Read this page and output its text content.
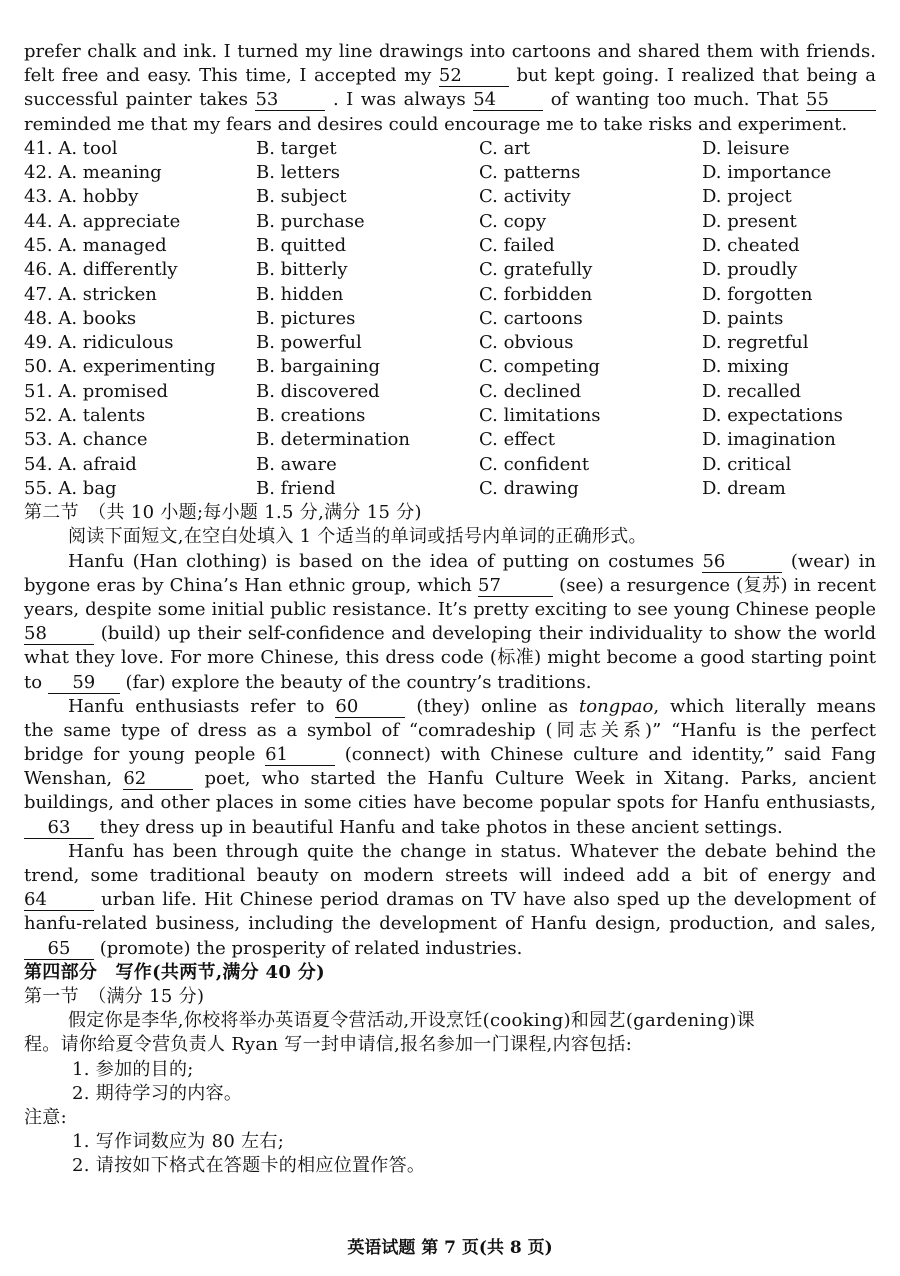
prefer chalk and ink. I turned my line drawings into cartoons and shared them with friends.
felt free and easy. This time, I accepted my 52	but kept going. I realized that being a
successful painter takes 53	. I was always 54	of wanting too much. That 55
reminded me that my fears and desires could encourage me to take risks and experiment.
41. A. tool	B. target	C. art	D. leisure
42. A. meaning	B. letters	C. patterns	D. importance
43. A. hobby	B. subject	C. activity	D. project
44. A. appreciate	B. purchase	C. copy	D. present
45. A. managed	B. quitted	C. failed	D. cheated
46. A. differently	B. bitterly	C. gratefully	D. proudly
47. A. stricken	B. hidden	C. forbidden	D. forgotten
48. A. books	B. pictures	C. cartoons	D. paints
49. A. ridiculous	B. powerful	C. obvious	D. regretful
50. A. experimenting B. bargaining	C. competing	D. mixing
51. A. promised	B. discovered	C. declined	D. recalled
52. A. talents	B. creations	C. limitations	D. expectations
53. A. chance	B. determination	C. effect	D. imagination
54. A. afraid	B. aware	C. confident	D. critical
55. A. bag	B. friend	C. drawing	D. dream
第二节　（共 10 小题;每小题 1.5 分,满分 15 分)
阅读下面短文,在空白处填入 1 个适当的单词或括号内单词的正确形式。
Hanfu (Han clothing) is based on the idea of putting on costumes 56	(wear) in
bygone eras by China’s Han ethnic group, which 57	(see) a resurgence (复苏) in recent
years, despite some initial public resistance. It’s pretty exciting to see young Chinese people
58	(build) up their self-confidence and developing their individuality to show the world
what they love. For more Chinese, this dress code (标准) might become a good starting point
to 59 (far) explore the beauty of the country’s traditions.
Hanfu enthusiasts refer to 60	(they) online as tongpao, which literally means
the same type of dress as a symbol of “comradeship (同志关系)” “Hanfu is the perfect
bridge for young people 61	(connect) with Chinese culture and identity,” said Fang
Wenshan, 62	poet, who started the Hanfu Culture Week in Xitang. Parks, ancient
buildings, and other places in some cities have become popular spots for Hanfu enthusiasts,
63 they dress up in beautiful Hanfu and take photos in these ancient settings.
Hanfu has been through quite the change in status. Whatever the debate behind the
trend, some traditional beauty on modern streets will indeed add a bit of energy and
64	urban life. Hit Chinese period dramas on TV have also sped up the development of
hanfu-related business, including the development of Hanfu design, production, and sales,
65 (promote) the prosperity of related industries.
第四部分　写作(共两节,满分 40 分)
第一节　（满分 15 分)
假定你是李华,你校将举办英语夏令营活动,开设烹饪(cooking)和园艺(gardening)课
程。请你给夏令营负责人 Ryan 写一封申请信,报名参加一门课程,内容包括:
1. 参加的目的;
2. 期待学习的内容。
注意:
1. 写作词数应为 80 左右;
2. 请按如下格式在答题卡的相应位置作答。
英语试题 第 7 页(共 8 页)
